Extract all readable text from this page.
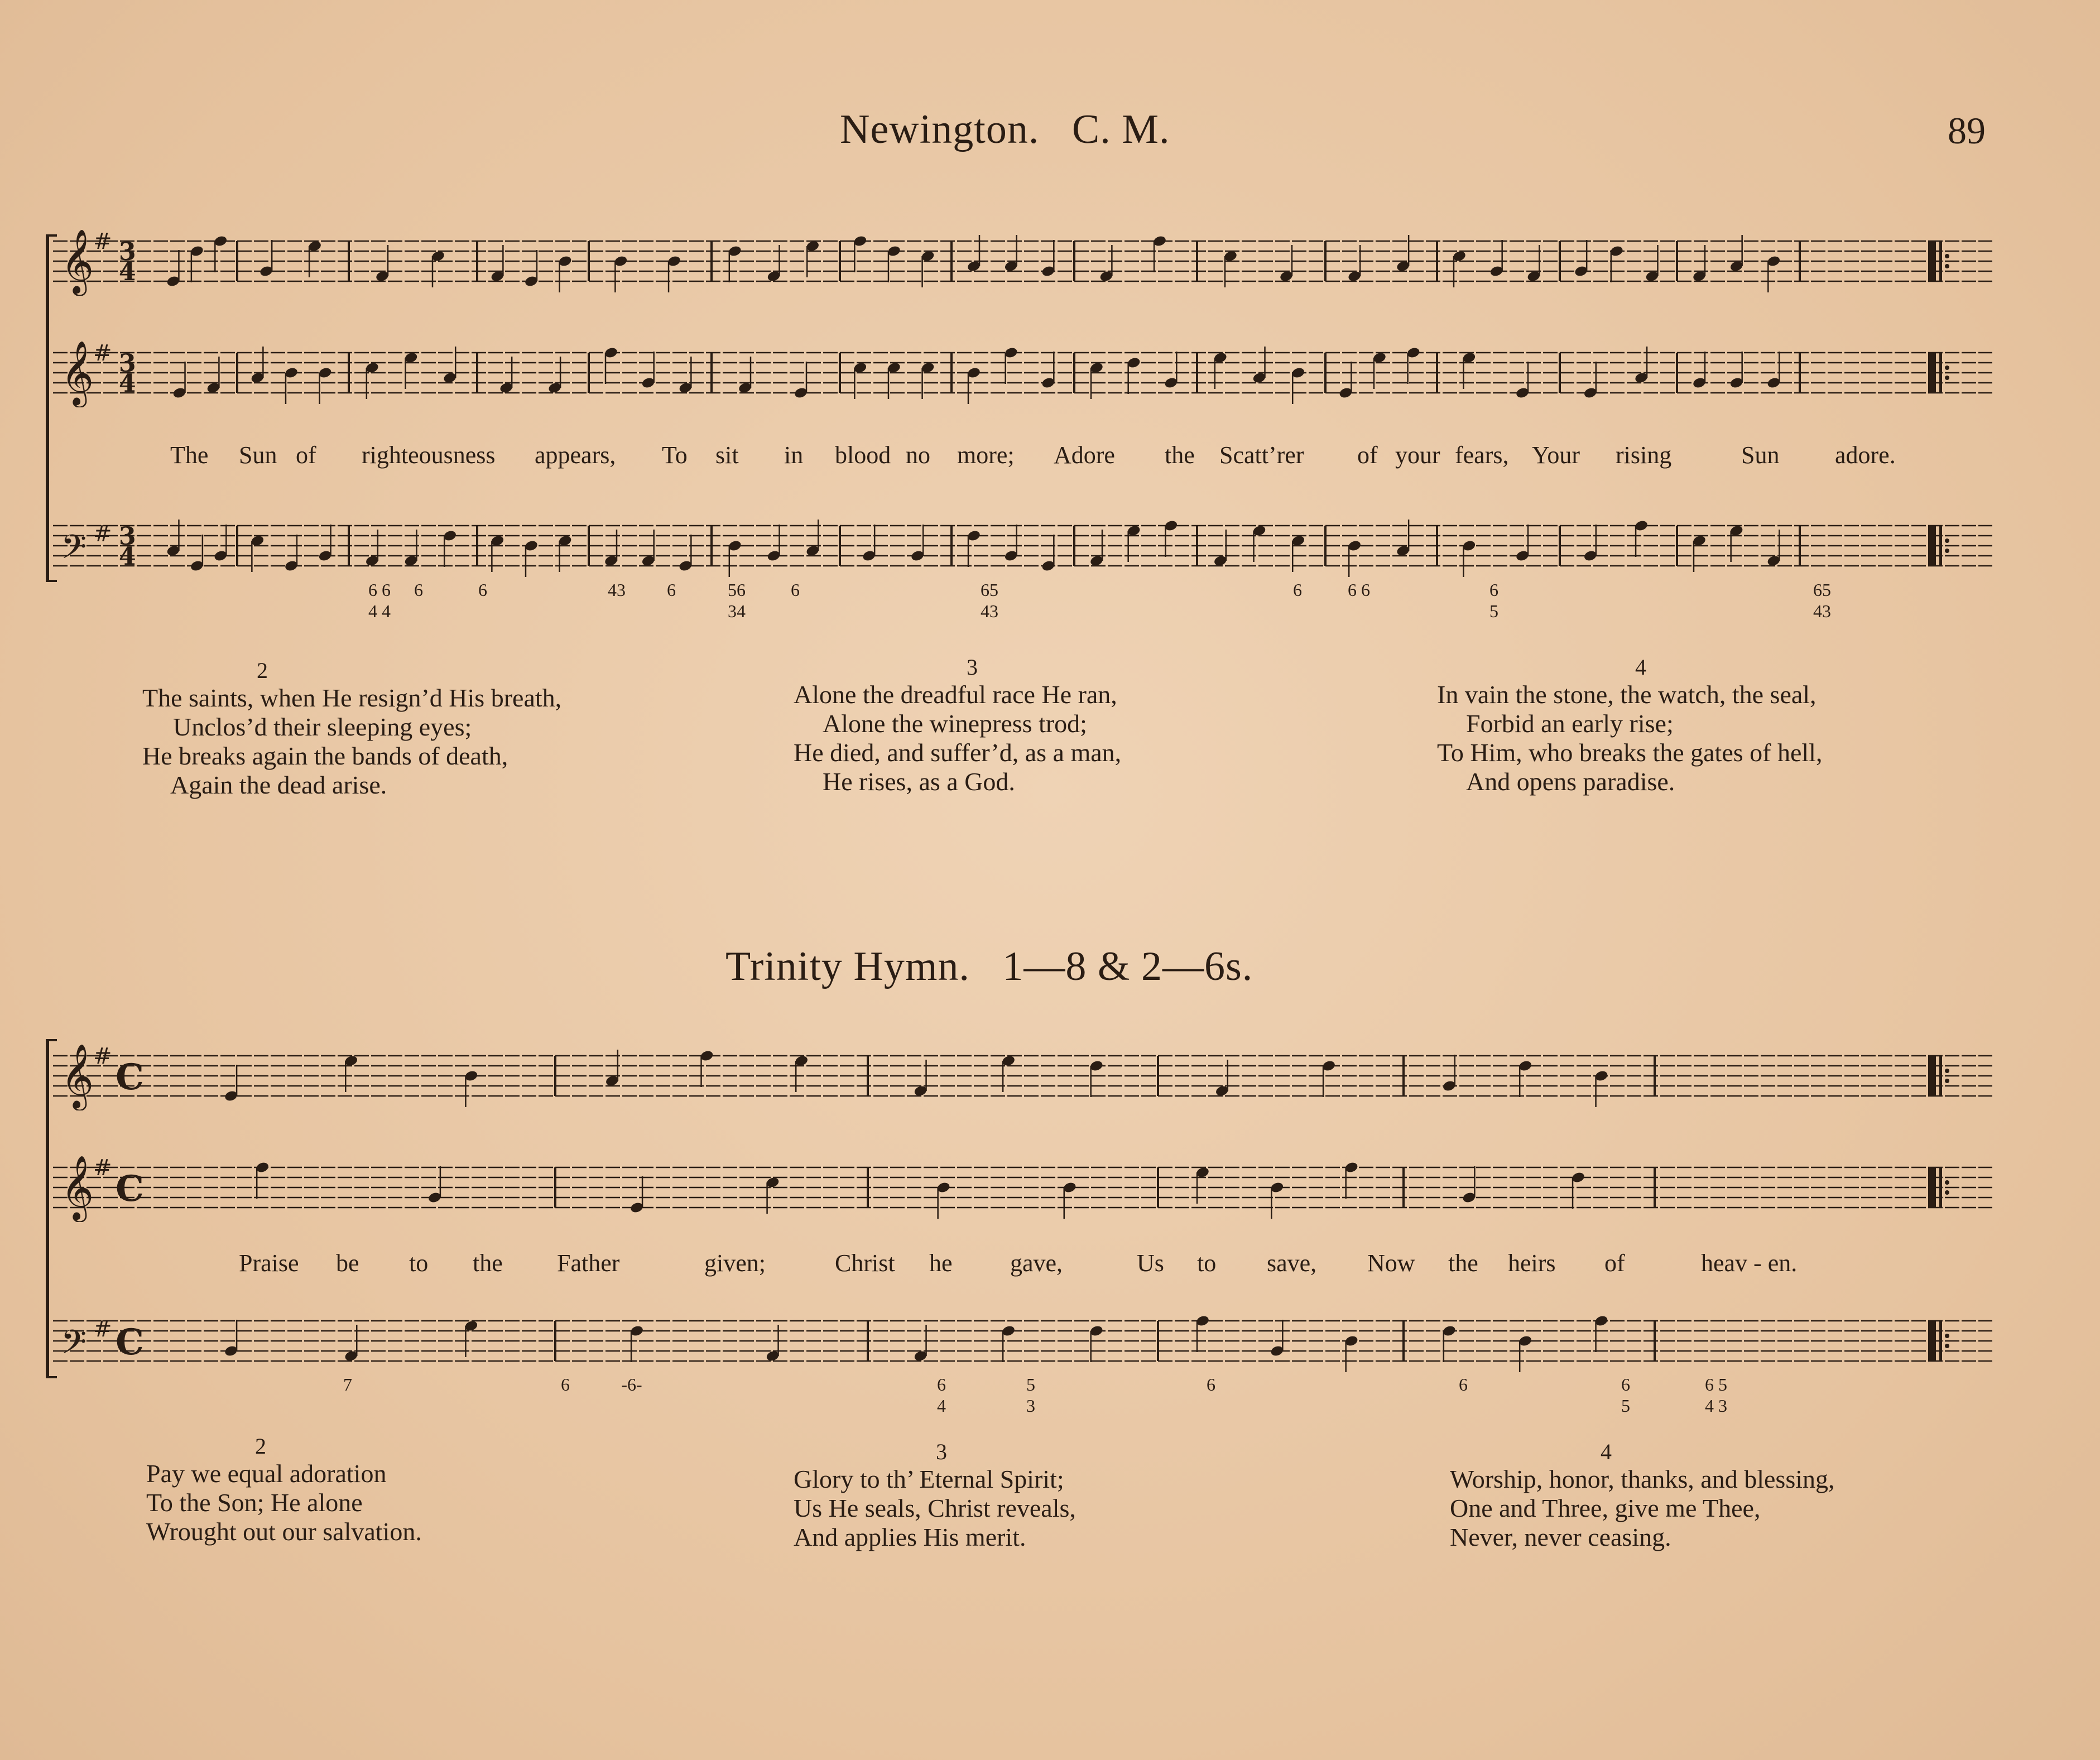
Newington. C. M.	89
𝄞
# 3
4
𝄞
# 3
4
𝄢 # 3
4
The Sun of righteousness appears, To sit in blood no more; Adore the Scatt’rer of your fears, Your rising	Sun adore.
6 6
4 4
6	6	43 6	56
34
6	65
43
6	6 6	6
5
65
43
2
The saints, when He resign’d His breath,
Unclos’d their sleeping eyes;
He breaks again the bands of death,
Again the dead arise.
3
Alone the dreadful race He ran,
Alone the winepress trod;
He died, and suffer’d, as a man,
He rises, as a God.
4
In vain the stone, the watch, the seal,
Forbid an early rise;
To Him, who breaks the gates of hell,
And opens paradise.
Trinity Hymn. 1—8 & 2—6s.
𝄞
# C
𝄞
# C
𝄢 # C
Praise be to the Father	given;	Christ he gave,	Us to save, Now the heirs of	heav - en.
7	6	-6-	6
4
5
3
6	6	6
5
6 5
4 3
2
Pay we equal adoration
To the Son; He alone
Wrought out our salvation.
3
Glory to th’ Eternal Spirit;
Us He seals, Christ reveals,
And applies His merit.
4
Worship, honor, thanks, and blessing,
One and Three, give me Thee,
Never, never ceasing.
